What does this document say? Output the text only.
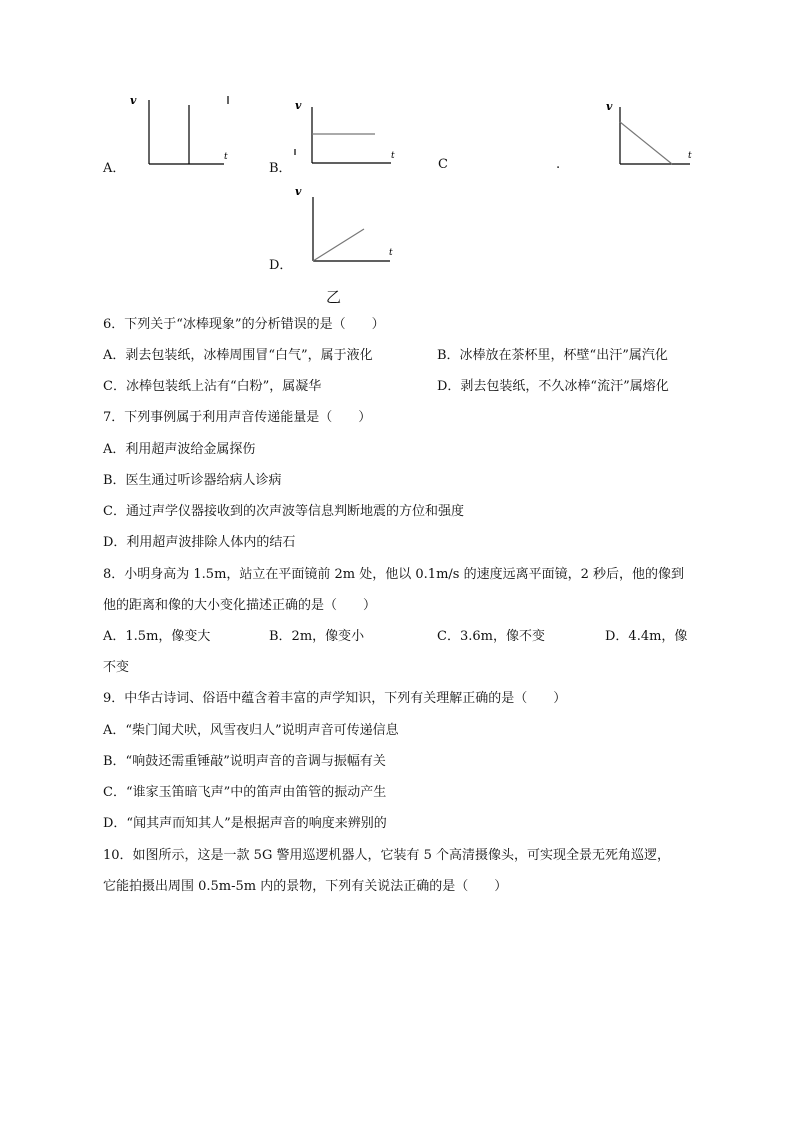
A．
v
t
B．
v
t
C	.
v
t
D．
v
t
乙
6．下列关于“冰棒现象”的分析错误的是（　　）
A．剥去包装纸，冰棒周围冒“白气”，属于液化	B．冰棒放在茶杯里，杯壁“出汗”属汽化
C．冰棒包装纸上沾有“白粉”，属凝华	D．剥去包装纸，不久冰棒“流汗”属熔化
7．下列事例属于利用声音传递能量是（　　）
A．利用超声波给金属探伤
B．医生通过听诊器给病人诊病
C．通过声学仪器接收到的次声波等信息判断地震的方位和强度
D．利用超声波排除人体内的结石
8．小明身高为 1.5m，站立在平面镜前 2m 处，他以 0.1m/s 的速度远离平面镜，2 秒后，他的像到
他的距离和像的大小变化描述正确的是（　　）
A．1.5m，像变大	B．2m，像变小	C．3.6m，像不变	D．4.4m，像
不变
9．中华古诗词、俗语中蕴含着丰富的声学知识，下列有关理解正确的是（　　）
A．“柴门闻犬吠，风雪夜归人”说明声音可传递信息
B．“响鼓还需重锤敲”说明声音的音调与振幅有关
C．“谁家玉笛暗飞声”中的笛声由笛管的振动产生
D．“闻其声而知其人”是根据声音的响度来辨别的
10．如图所示，这是一款 5G 警用巡逻机器人，它装有 5 个高清摄像头，可实现全景无死角巡逻，
它能拍摄出周围 0.5m-5m 内的景物，下列有关说法正确的是（　　）
